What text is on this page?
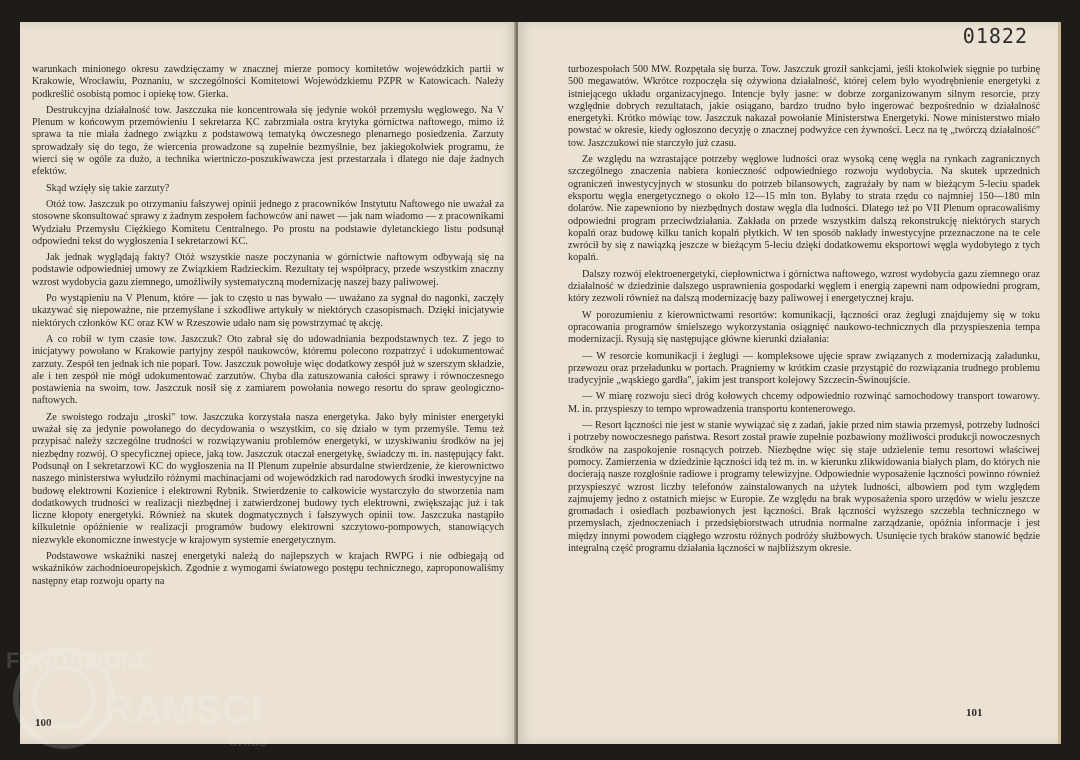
warunkach minionego okresu zawdzięczamy w znacznej mierze pomocy komitetów wojewódzkich partii w Krakowie, Wrocławiu, Poznaniu, w szczególności Komitetowi Wojewódzkiemu PZPR w Katowicach. Należy podkreślić osobistą pomoc i opiekę tow. Gierka.

Destrukcyjna działalność tow. Jaszczuka nie koncentrowała się jedynie wokół przemysłu węglowego. Na V Plenum w końcowym przemówieniu I sekretarza KC zabrzmiała ostra krytyka górnictwa naftowego, mimo iż sprawa ta nie miała żadnego związku z podstawową tematyką ówczesnego plenarnego posiedzenia. Zarzuty sprowadzały się do tego, że wiercenia prowadzone są zupełnie bezmyślnie, bez jakiegokolwiek programu, że wierci się w ogóle za dużo, a technika wiertniczo-poszukiwawcza jest przestarzała i dlatego nie daje żadnych efektów.

Skąd wzięły się takie zarzuty?

Otóż tow. Jaszczuk po otrzymaniu fałszywej opinii jednego z pracowników Instytutu Naftowego nie uważał za stosowne skonsultować sprawy z żadnym zespołem fachowców ani nawet — jak nam wiadomo — z pracownikami Wydziału Przemysłu Ciężkiego Komitetu Centralnego. Po prostu na podstawie dyletanckiego listu podsunął odpowiedni tekst do wygłoszenia I sekretarzowi KC.

Jak jednak wyglądają fakty? Otóż wszystkie nasze poczynania w górnictwie naftowym odbywają się na podstawie odpowiedniej umowy ze Związkiem Radzieckim. Rezultaty tej współpracy, przede wszystkim znaczny wzrost wydobycia gazu ziemnego, umożliwiły systematyczną modernizację naszej bazy paliwowej.

Po wystąpieniu na V Plenum, które — jak to często u nas bywało — uważano za sygnał do nagonki, zaczęły ukazywać się niepoważne, nie przemyślane i szkodliwe artykuły w niektórych czasopismach. Dzięki inicjatywie niektórych członków KC oraz KW w Rzeszowie udało nam się powstrzymać tę akcję.

A co robił w tym czasie tow. Jaszczuk? Oto zabrał się do udowadniania bezpodstawnych tez. Z jego to inicjatywy powołano w Krakowie partyjny zespół naukowców, któremu polecono rozpatrzyć i udokumentować zarzuty. Zespół ten jednak ich nie poparł. Tow. Jaszczuk powołuje więc dodatkowy zespół już w szerszym składzie, ale i ten zespół nie mógł udokumentować zarzutów. Chyba dla zatuszowania całości sprawy i równoczesnego postawienia na swoim, tow. Jaszczuk nosił się z zamiarem powołania nowego resortu do spraw geologiczno-naftowych.

Ze swoistego rodzaju „troski" tow. Jaszczuka korzystała nasza energetyka. Jako były minister energetyki uważał się za jedynie powołanego do decydowania o wszystkim, co się działo w tym przemyśle. Temu też przypisać należy szczególne trudności w rozwiązywaniu problemów energetyki, w uzyskiwaniu środków na jej niezbędny rozwój. O specyficznej opiece, jaką tow. Jaszczuk otaczał energetykę, świadczy m. in. następujący fakt. Podsunął on I sekretarzowi KC do wygłoszenia na II Plenum zupełnie absurdalne stwierdzenie, że kierownictwo naszego ministerstwa wyłudziło różnymi machinacjami od wojewódzkich rad narodowych środki inwestycyjne na budowę elektrowni Kozienice i elektrowni Rybnik. Stwierdzenie to całkowicie wystarczyło do stworzenia nam dodatkowych trudności w realizacji niezbędnej i zatwierdzonej budowy tych elektrowni, zwiększając już i tak liczne kłopoty energetyki. Również na skutek dogmatycznych i fałszywych opinii tow. Jaszczuka nastąpiło kilkuletnie opóźnienie w realizacji programów budowy elektrowni szczytowo-pompowych, stanowiących niezwykle ekonomiczne inwestycje w krajowym systemie energetycznym.

Podstawowe wskaźniki naszej energetyki należą do najlepszych w krajach RWPG i nie odbiegają od wskaźników zachodnioeuropejskich. Zgodnie z wymogami światowego postępu technicznego, zaproponowaliśmy następny etap rozwoju oparty na

100
01822

turbozespołach 500 MW. Rozpętała się burza. Tow. Jaszczuk groził sankcjami, jeśli ktokolwiek sięgnie po turbinę 500 megawatów. Wkrótce rozpoczęła się ożywiona działalność, której celem było wyodrębnienie energetyki z istniejącego układu organizacyjnego. Intencje były jasne: w dobrze zorganizowanym silnym resorcie, przy względnie dobrych rezultatach, jakie osiągano, bardzo trudno było ingerować bezpośrednio w działalność energetyki. Krótko mówiąc tow. Jaszczuk nakazał powołanie Ministerstwa Energetyki. Nowe ministerstwo miało powstać w okresie, kiedy ogłoszono decyzję o znacznej podwyżce cen żywności. Lecz na tę „twórczą działalność" tow. Jaszczukowi nie starczyło już czasu.

Ze względu na wzrastające potrzeby węglowe ludności oraz wysoką cenę węgla na rynkach zagranicznych szczególnego znaczenia nabiera konieczność odpowiedniego rozwoju wydobycia. Na skutek uprzednich ograniczeń inwestycyjnych w stosunku do potrzeb bilansowych, zagrażały by nam w bieżącym 5-leciu spadek eksportu węgla energetycznego o około 12—15 mln ton. Byłaby to strata rzędu co najmniej 150—180 mln dolarów. Nie zapewniono by niezbędnych dostaw węgla dla ludności. Dlatego też po VII Plenum opracowaliśmy odpowiedni program przeciwdziałania. Zakłada on przede wszystkim dalszą rekonstrukcję niektórych starych kopalń oraz budowę kilku tanich kopalń płytkich. W ten sposób nakłady inwestycyjne przeznaczone na te cele zwrócił by się z nawiązką jeszcze w bieżącym 5-leciu dzięki dodatkowemu eksportowi węgla wydobytego z tych kopalń.

Dalszy rozwój elektroenergetyki, ciepłownictwa i górnictwa naftowego, wzrost wydobycia gazu ziemnego oraz działalność w dziedzinie dalszego usprawnienia gospodarki węglem i energią zapewni nam odpowiedni program, który zezwoli również na dalszą modernizację bazy paliwowej i energetycznej kraju.

W porozumieniu z kierownictwami resortów: komunikacji, łączności oraz żeglugi znajdujemy się w toku opracowania programów śmielszego wykorzystania osiągnięć naukowo-technicznych dla przyspieszenia tempa modernizacji. Rysują się następujące główne kierunki działania:

— W resorcie komunikacji i żeglugi — kompleksowe ujęcie spraw związanych z modernizacją załadunku, przewozu oraz przeładunku w portach. Pragniemy w krótkim czasie przystąpić do rozwiązania trudnego problemu tradycyjnie „wąskiego gardła", jakim jest transport kolejowy Szczecin-Świnoujście.

— W miarę rozwoju sieci dróg kołowych chcemy odpowiednio rozwinąć samochodowy transport towarowy. M. in. przyspieszy to tempo wprowadzenia transportu kontenerowego.

— Resort łączności nie jest w stanie wywiązać się z zadań, jakie przed nim stawia przemysł, potrzeby ludności i potrzeby nowoczesnego państwa. Resort został prawie zupełnie pozbawiony możliwości produkcji nowoczesnych środków na zaspokojenie rosnących potrzeb. Niezbędne więc się staje udzielenie temu resortowi właściwej pomocy. Zamierzenia w dziedzinie łączności idą też m. in. w kierunku zlikwidowania białych plam, do których nie docierają nasze rozgłośnie radiowe i programy telewizyjne. Odpowiednie wyposażenie łączności powinno również przyspieszyć wzrost liczby telefonów zainstalowanych na użytek ludności, albowiem pod tym względem zajmujemy jedno z ostatnich miejsc w Europie. Ze względu na brak wyposażenia sporo urzędów w wielu jeszcze gromadach i osiedlach pozbawionych jest łączności. Brak łączności wyższego szczebla technicznego w przemysłach, zjednoczeniach i przedsiębiorstwach utrudnia normalne zarządzanie, opóźnia informacje i jest między innymi powodem ciągłego wzrostu różnych podróży służbowych. Usunięcie tych braków stanowić będzie integralną część programu działania łączności w najbliższym okresie.

101
FONDAZIONE
RAMSCI
onlus
